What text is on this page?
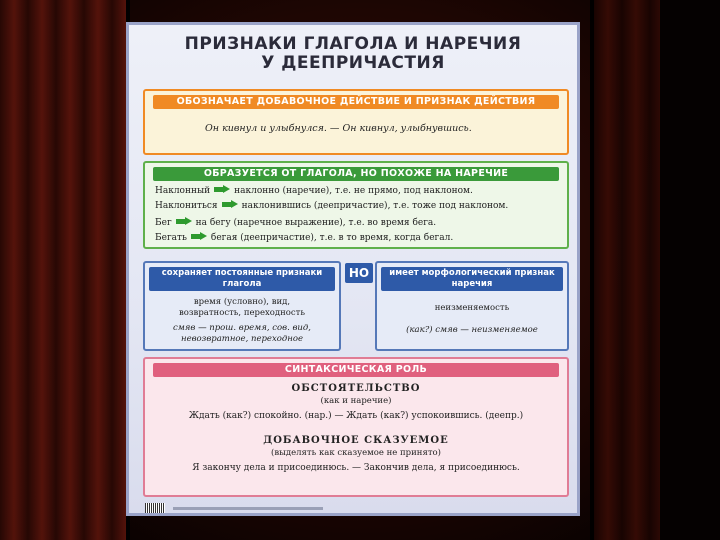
ПРИЗНАКИ ГЛАГОЛА И НАРЕЧИЯ
У ДЕЕПРИЧАСТИЯ
ОБОЗНАЧАЕТ ДОБАВОЧНОЕ ДЕЙСТВИЕ И ПРИЗНАК ДЕЙСТВИЯ
Он кивнул и улыбнулся. — Он кивнул, улыбнувшись.
ОБРАЗУЕТСЯ ОТ ГЛАГОЛА, НО ПОХОЖЕ НА НАРЕЧИЕ
Наклонный	наклонно (наречие), т.е. не прямо, под наклоном.
Наклониться	наклонившись (деепричастие), т.е. тоже под наклоном.
Бег	на бегу (наречное выражение), т.е. во время бега.
Бегать	бегая (деепричастие), т.е. в то время, когда бегал.
сохраняет постоянные признаки глагола
время (условно), вид,
возвратность, переходность
смяв — прош. время, сов. вид,
невозвратное, переходное
НО	имеет морфологический признак наречия
неизменяемость
(как?) смяв — неизменяемое
СИНТАКСИЧЕСКАЯ РОЛЬ
ОБСТОЯТЕЛЬСТВО
(как и наречие)
Ждать (как?) спокойно. (нар.) — Ждать (как?) успокоившись. (деепр.)
ДОБАВОЧНОЕ СКАЗУЕМОЕ
(выделять как сказуемое не принято)
Я закончу дела и присоединюсь. — Закончив дела, я присоединюсь.
